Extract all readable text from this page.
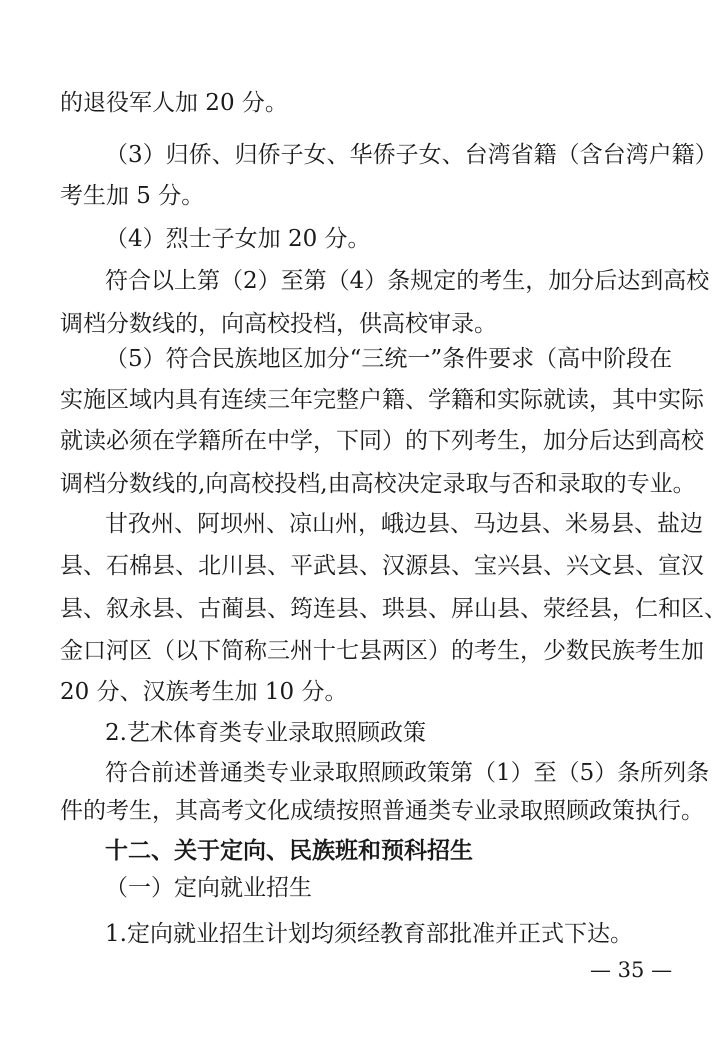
— 35 —
的退役军人加 20 分。
（3）归侨、归侨子女、华侨子女、台湾省籍（含台湾户籍）
考生加 5 分。
（4）烈士子女加 20 分。
符合以上第（2）至第（4）条规定的考生，加分后达到高校
调档分数线的，向高校投档，供高校审录。
（5）符合民族地区加分“三统一”条件要求（高中阶段在
实施区域内具有连续三年完整户籍、学籍和实际就读，其中实际
就读必须在学籍所在中学，下同）的下列考生，加分后达到高校
调档分数线的,向高校投档,由高校决定录取与否和录取的专业。
甘孜州、阿坝州、凉山州，峨边县、马边县、米易县、盐边
县、石棉县、北川县、平武县、汉源县、宝兴县、兴文县、宣汉
县、叙永县、古蔺县、筠连县、珙县、屏山县、荥经县，仁和区、
金口河区（以下简称三州十七县两区）的考生，少数民族考生加
20 分、汉族考生加 10 分。
2.艺术体育类专业录取照顾政策
符合前述普通类专业录取照顾政策第（1）至（5）条所列条
件的考生，其高考文化成绩按照普通类专业录取照顾政策执行。
十二、关于定向、民族班和预科招生
（一）定向就业招生
1.定向就业招生计划均须经教育部批准并正式下达。
